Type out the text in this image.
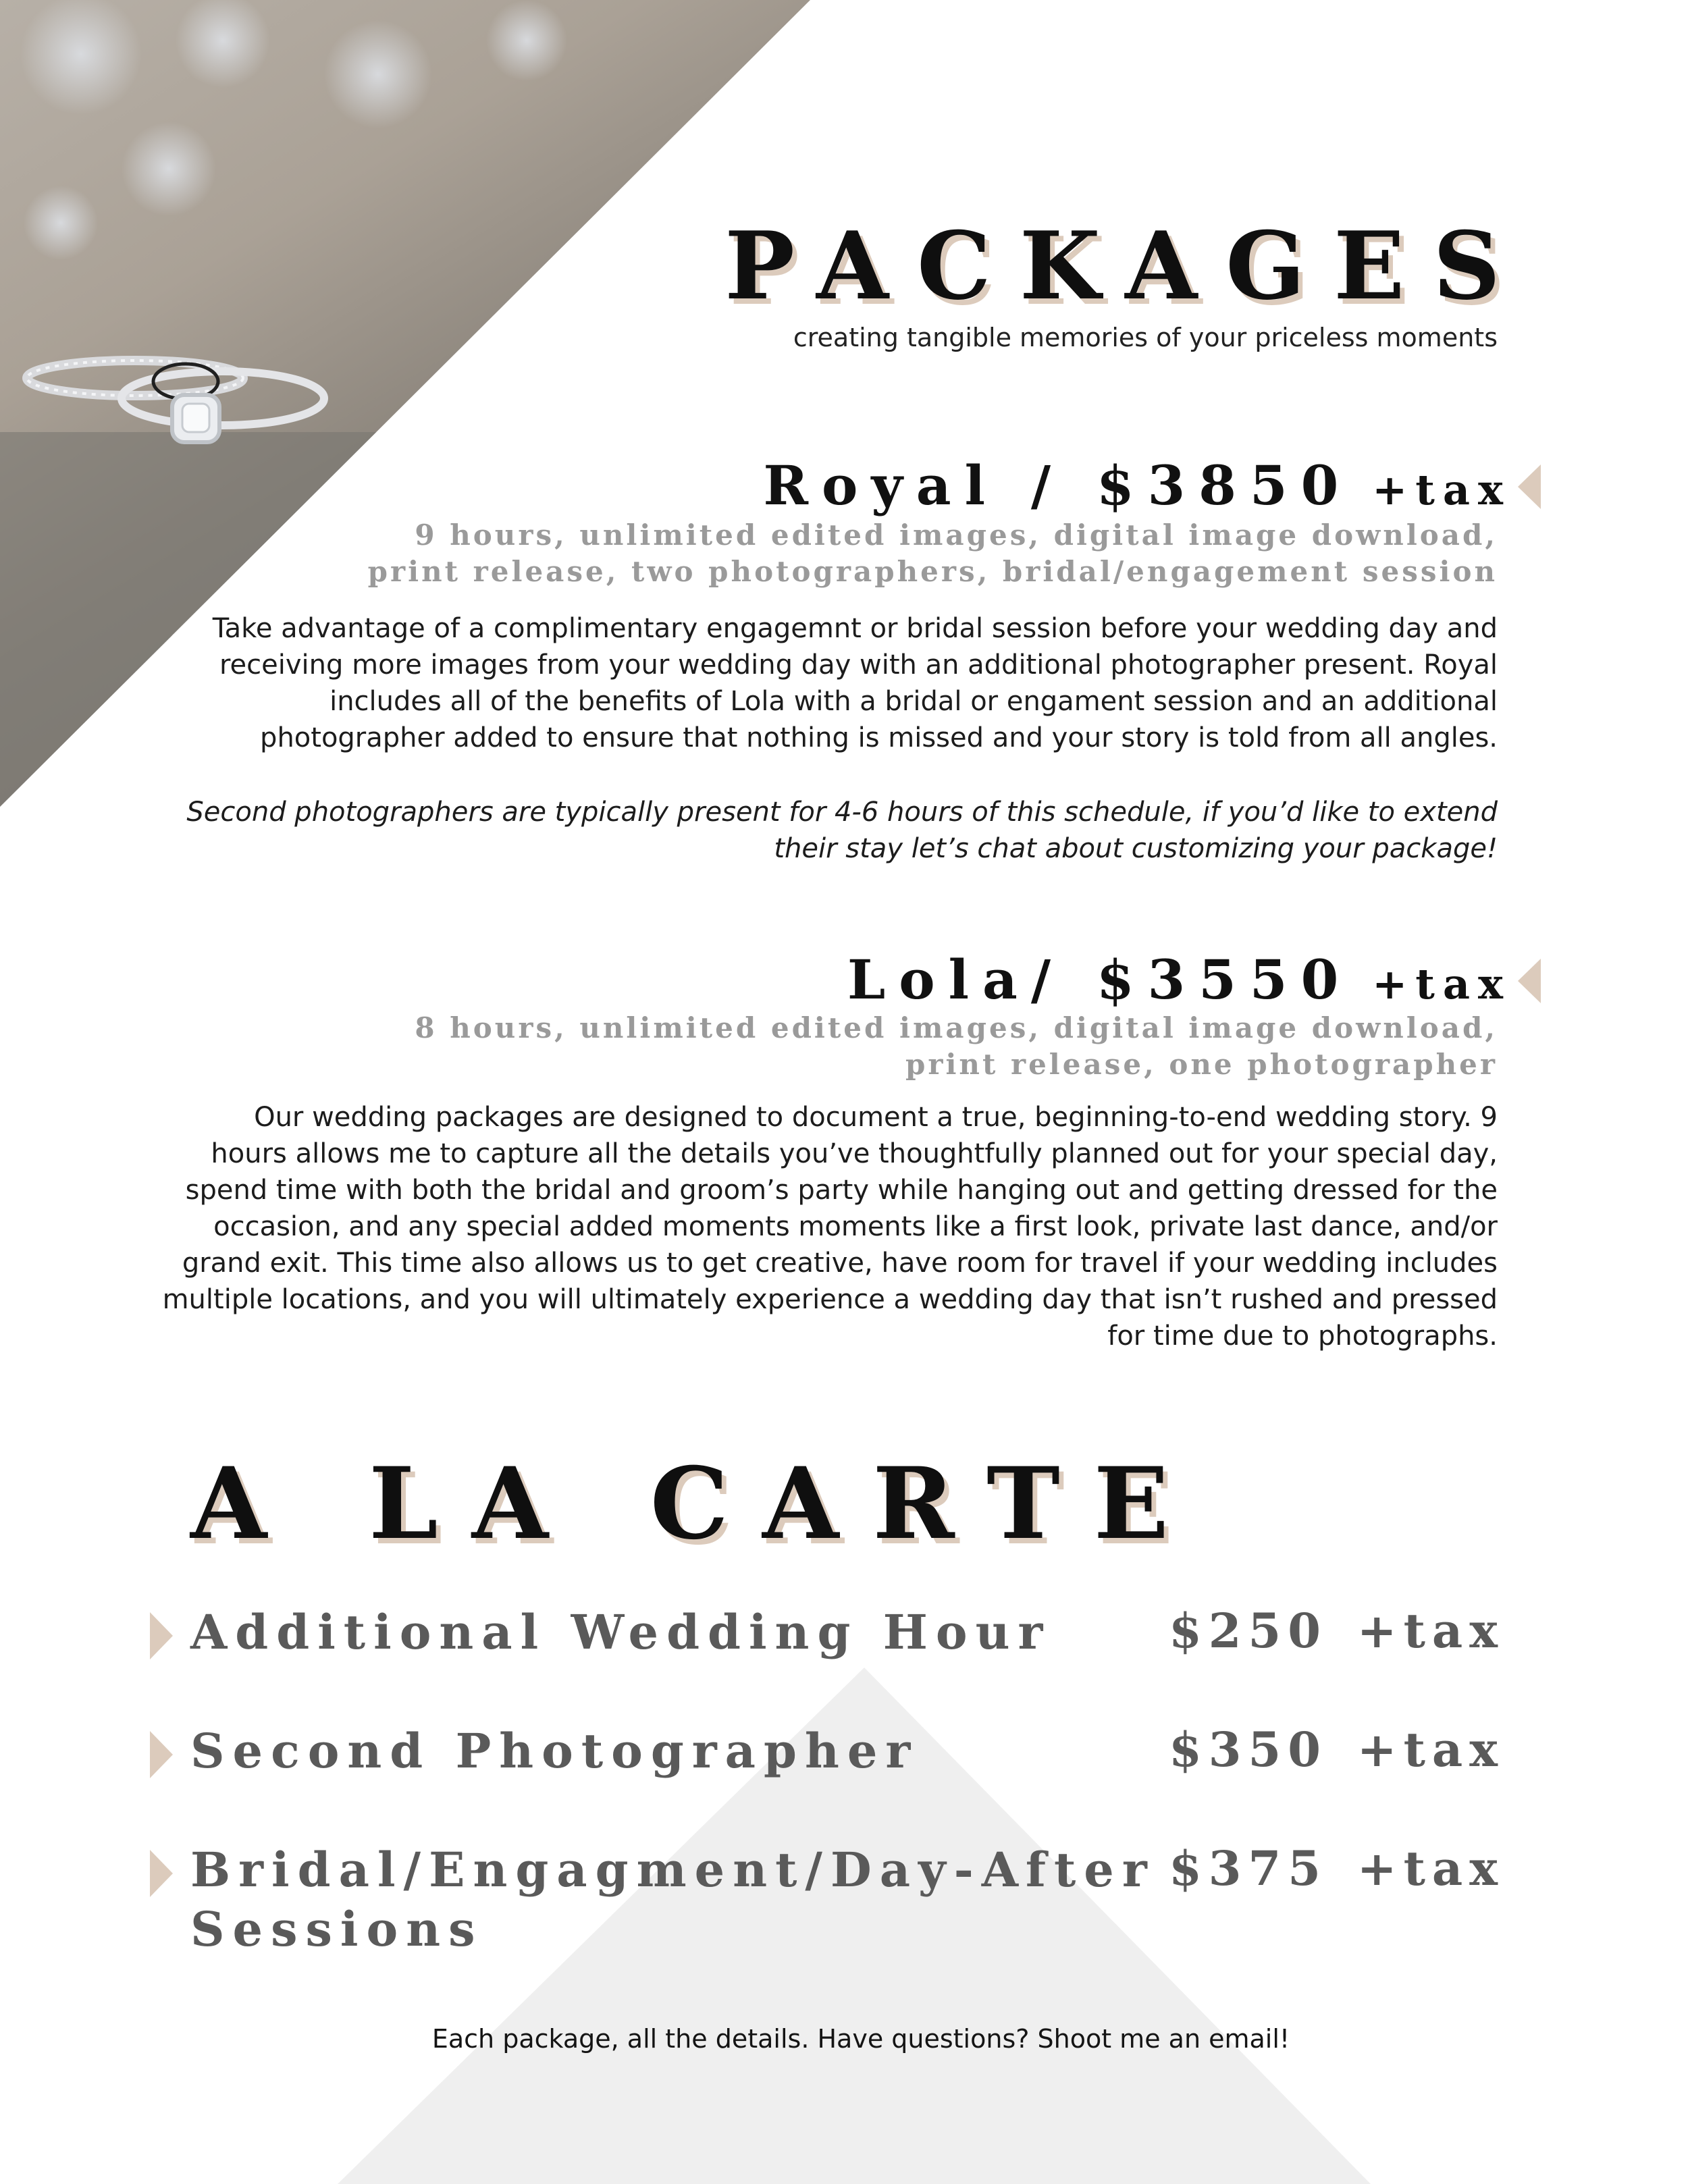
PACKAGES
creating tangible memories of your priceless moments
Royal / $3850 +tax
9 hours, unlimited edited images, digital image download,
print release, two photographers, bridal/engagement session
Take advantage of a complimentary engagemnt or bridal session before your wedding day and
receiving more images from your wedding day with an additional photographer present. Royal
includes all of the benefits of Lola with a bridal or engament session and an additional
photographer added to ensure that nothing is missed and your story is told from all angles.
Second photographers are typically present for 4-6 hours of this schedule, if you’d like to extend
their stay let’s chat about customizing your package!
Lola/ $3550 +tax
8 hours, unlimited edited images, digital image download,
print release, one photographer
Our wedding packages are designed to document a true, beginning-to-end wedding story. 9
hours allows me to capture all the details you’ve thoughtfully planned out for your special day,
spend time with both the bridal and groom’s party while hanging out and getting dressed for the
occasion, and any special added moments moments like a first look, private last dance, and/or
grand exit. This time also allows us to get creative, have room for travel if your wedding includes
multiple locations, and you will ultimately experience a wedding day that isn’t rushed and pressed
for time due to photographs.
A LA CARTE
Additional Wedding Hour	$250 +tax
Second Photographer	$350 +tax
Bridal/Engagment/Day-After
Sessions
$375 +tax
Each package, all the details. Have questions? Shoot me an email!
